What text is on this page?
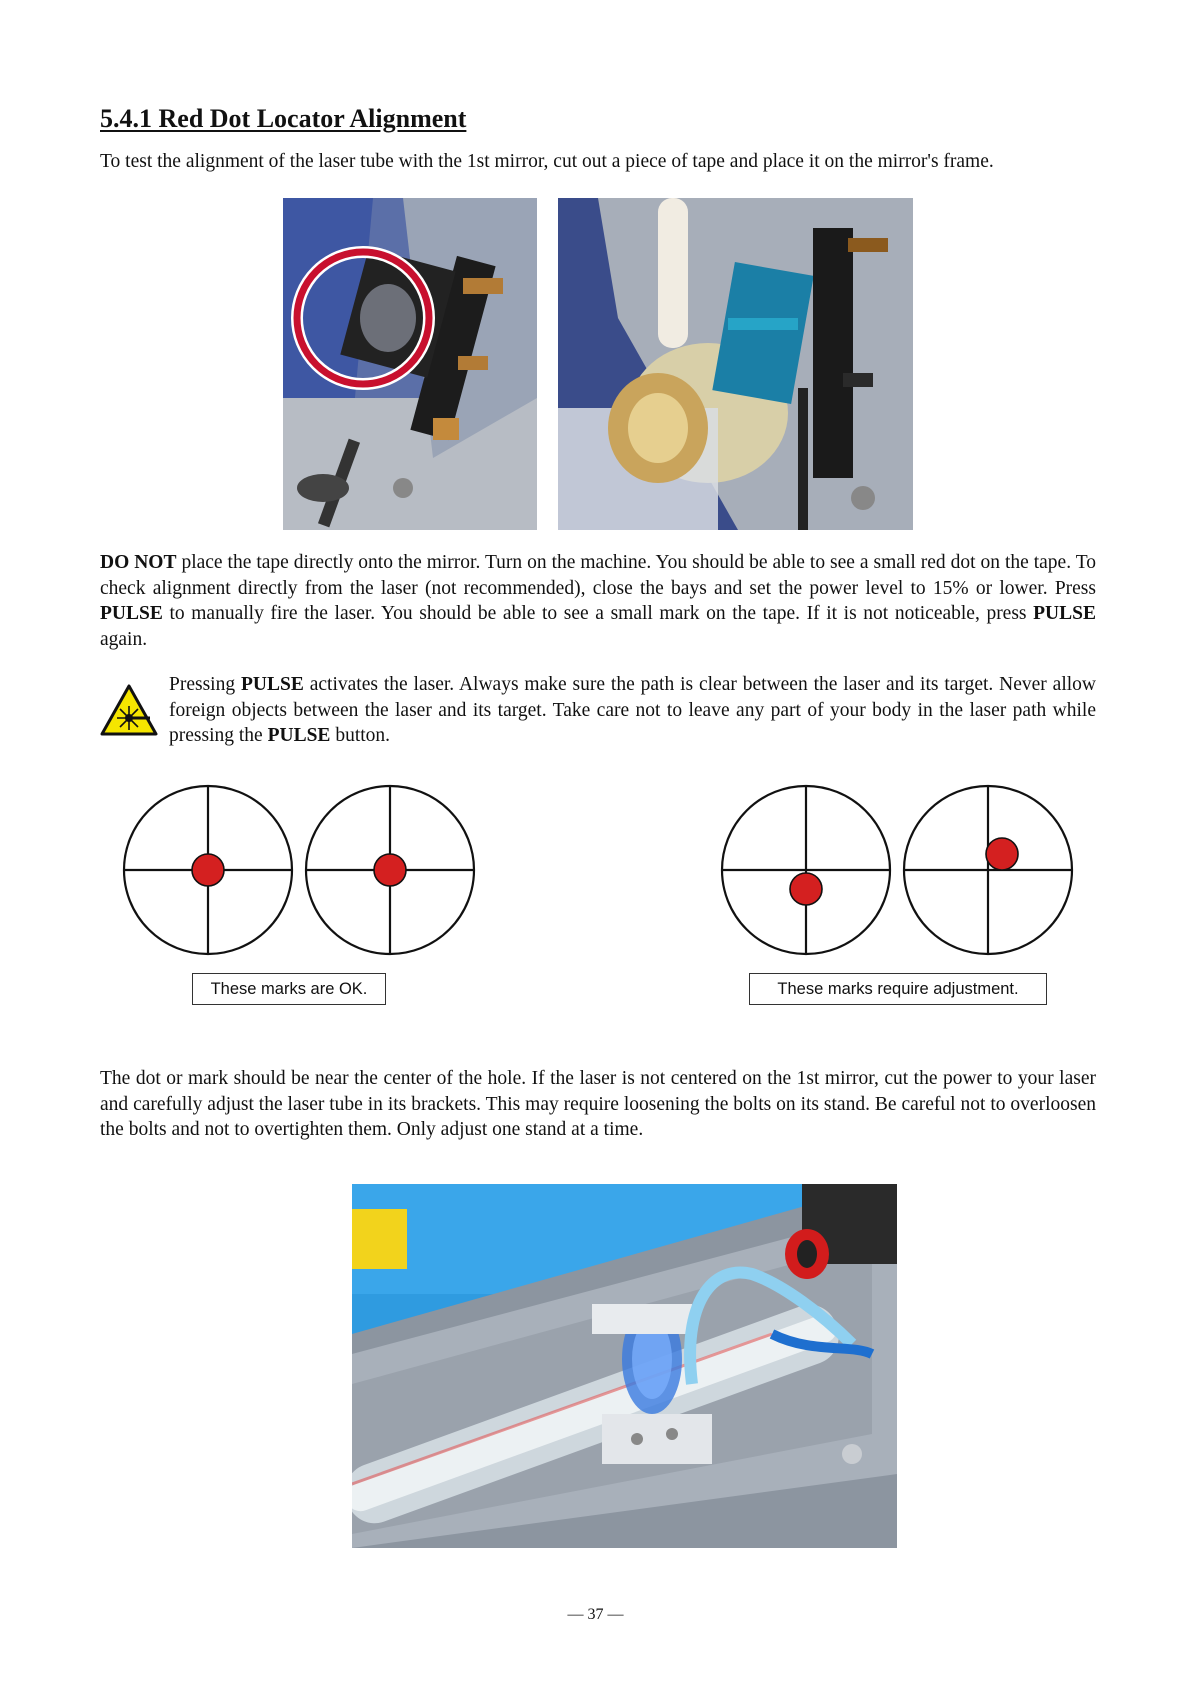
5.4.1 Red Dot Locator Alignment

To test the alignment of the laser tube with the 1st mirror, cut out a piece of tape and place it on the mirror's frame.

DO NOT place the tape directly onto the mirror. Turn on the machine. You should be able to see a small red dot on the tape. To check alignment directly from the laser (not recommended), close the bays and set the power level to 15% or lower. Press PULSE to manually fire the laser. You should be able to see a small mark on the tape. If it is not noticeable, press PULSE again.

Pressing PULSE activates the laser. Always make sure the path is clear between the laser and its target. Never allow foreign objects between the laser and its target. Take care not to leave any part of your body in the laser path while pressing the PULSE button.

These marks are OK.	These marks require adjustment.

The dot or mark should be near the center of the hole. If the laser is not centered on the 1st mirror, cut the power to your laser and carefully adjust the laser tube in its brackets. This may require loosening the bolts on its stand. Be careful not to overloosen the bolts and not to overtighten them. Only adjust one stand at a time.

— 37 —
